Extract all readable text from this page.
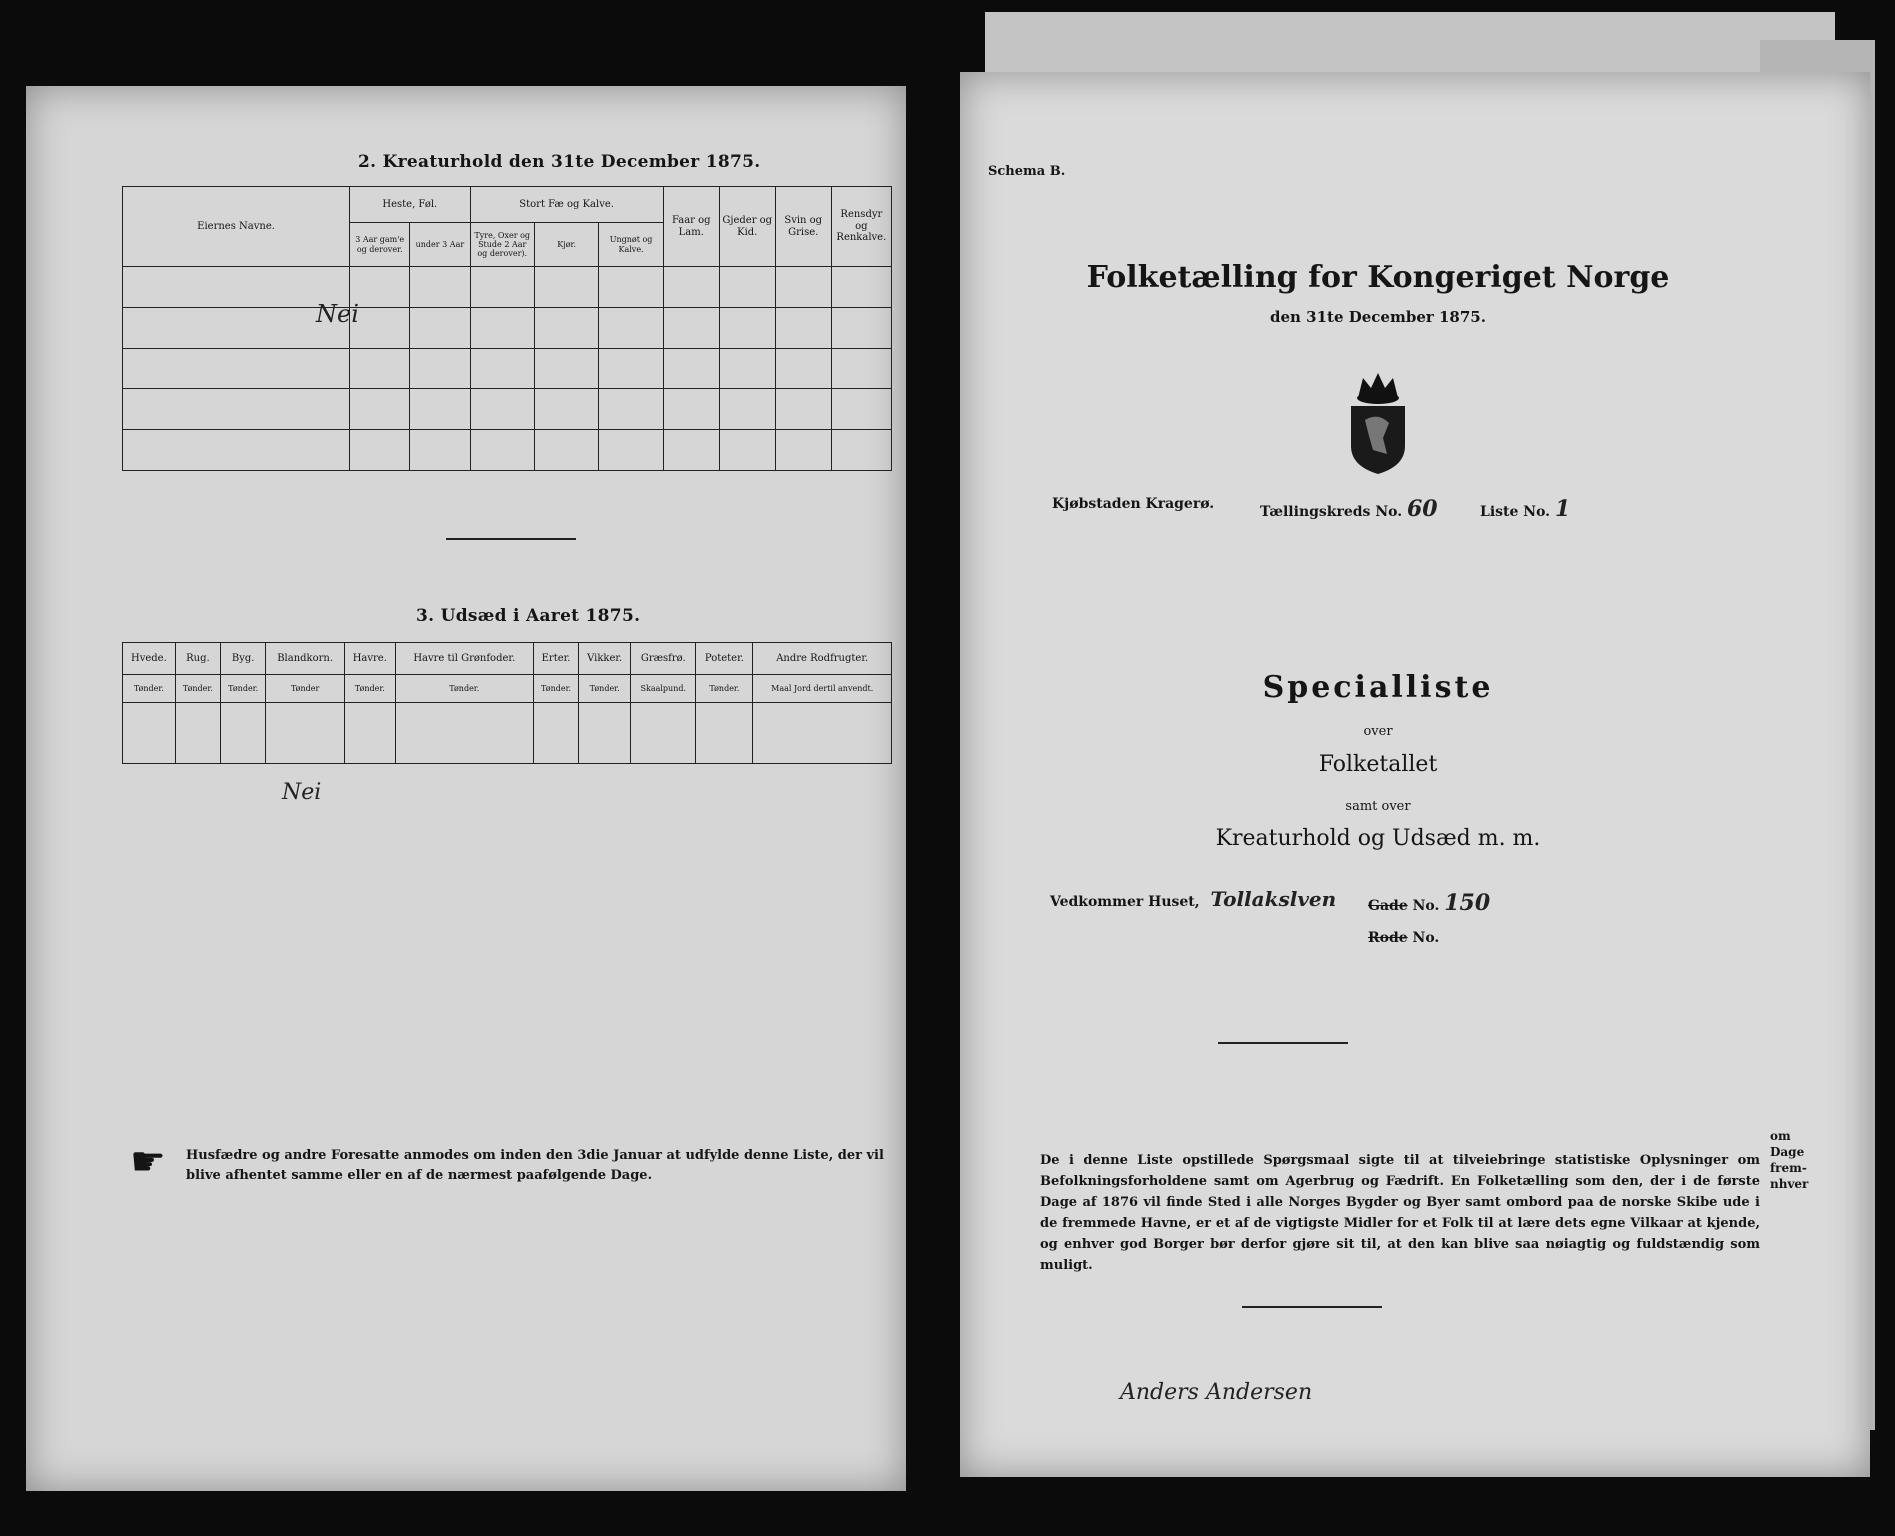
2. Kreaturhold den 31te December 1875.
Eiernes Navne.	Heste, Føl.		Stort Fæ og Kalve.			Faar og Lam.	Gjeder og Kid.	Svin og Grise.	Rensdyr og Renkalve.
	3 Aar gam'e og derover.	under 3 Aar	Tyre, Oxer og Stude 2 Aar og derover).	Kjør.	Ungnøt og Kalve.				

Nei
3. Udsæd i Aaret 1875.
Hvede.	Rug.	Byg.	Blandkorn.	Havre.	Havre til Grønfoder.	Erter.	Vikker.	Græsfrø.	Poteter.	Andre Rodfrugter.
Tønder.	Tønder.	Tønder.	Tønder	Tønder.	Tønder.	Tønder.	Tønder.	Skaalpund.	Tønder.	Maal Jord dertil anvendt.

Nei
☛ Husfædre og andre Foresatte anmodes om inden den 3die Januar at udfylde denne Liste, der vil blive afhentet samme eller en af de nærmest paafølgende Dage.
Schema B.
Folketælling for Kongeriget Norge
den 31te December 1875.
Kjøbstaden Kragerø.	Tællingskreds No. 60	Liste No. 1
Specialliste
over
Folketallet
samt over
Kreaturhold og Udsæd m. m.
Vedkommer Huset, Tollakslven Gade No. 150
Rode No.
De i denne Liste opstillede Spørgsmaal sigte til at tilveiebringe statistiske Oplysninger om Befolkningsforholdene samt om Agerbrug og Fædrift. En Folketælling som den, der i de første Dage af 1876 vil finde Sted i alle Norges Bygder og Byer samt ombord paa de norske Skibe ude i de fremmede Havne, er et af de vigtigste Midler for et Folk til at lære dets egne Vilkaar at kjende, og enhver god Borger bør derfor gjøre sit til, at den kan blive saa nøiagtig og fuldstændig som muligt.
Anders Andersen
om Dage frem- nhver
